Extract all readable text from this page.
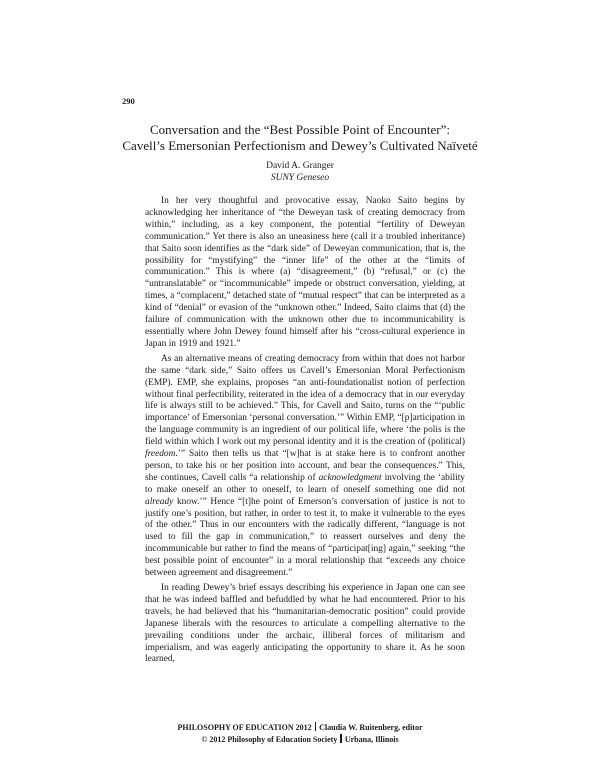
290
Conversation and the “Best Possible Point of Encounter”:
Cavell’s Emersonian Perfectionism and Dewey’s Cultivated Naïveté
David A. Granger
SUNY Geneseo

In her very thoughtful and provocative essay, Naoko Saito begins by acknowledging her inheritance of “the Deweyan task of creating democracy from within,” including, as a key component, the potential “fertility of Deweyan communication.” Yet there is also an uneasiness here (call it a troubled inheritance) that Saito soon identifies as the “dark side” of Deweyan communication, that is, the possibility for “mystifying” the “inner life” of the other at the “limits of communication.” This is where (a) “disagreement,” (b) “refusal,” or (c) the “untranslatable” or “incommunicable” impede or obstruct conversation, yielding, at times, a “complacent,” detached state of “mutual respect” that can be interpreted as a kind of “denial” or evasion of the “unknown other.” Indeed, Saito claims that (d) the failure of communication with the unknown other due to incommunicability is essentially where John Dewey found himself after his “cross-cultural experience in Japan in 1919 and 1921.”

As an alternative means of creating democracy from within that does not harbor the same “dark side,” Saito offers us Cavell’s Emersonian Moral Perfectionism (EMP). EMP, she explains, proposes “an anti-foundationalist notion of perfection without final perfectibility, reiterated in the idea of a democracy that in our everyday life is always still to be achieved.” This, for Cavell and Saito, turns on the “‘public importance’ of Emersonian ‘personal conversation.’” Within EMP, “[p]articipation in the language community is an ingredient of our political life, where ‘the polis is the field within which I work out my personal identity and it is the creation of (political) freedom.’” Saito then tells us that “[w]hat is at stake here is to confront another person, to take his or her position into account, and bear the consequences.” This, she continues, Cavell calls “a relationship of acknowledgment involving the ‘ability to make oneself an other to oneself, to learn of oneself something one did not already know.’” Hence “[t]he point of Emerson’s conversation of justice is not to justify one’s position, but rather, in order to test it, to make it vulnerable to the eyes of the other.” Thus in our encounters with the radically different, “language is not used to fill the gap in communication,” to reassert ourselves and deny the incommunicable but rather to find the means of “participat[ing] again,” seeking “the best possible point of encounter” in a moral relationship that “exceeds any choice between agreement and disagreement.”

In reading Dewey’s brief essays describing his experience in Japan one can see that he was indeed baffled and befuddled by what he had encountered. Prior to his travels, he had believed that his “humanitarian-democratic position” could provide Japanese liberals with the resources to articulate a compelling alternative to the prevailing conditions under the archaic, illiberal forces of militarism and imperialism, and was eagerly anticipating the opportunity to share it. As he soon learned,

PHILOSOPHY OF EDUCATION 2012 Claudia W. Ruitenberg, editor
© 2012 Philosophy of Education Society Urbana, Illinois
